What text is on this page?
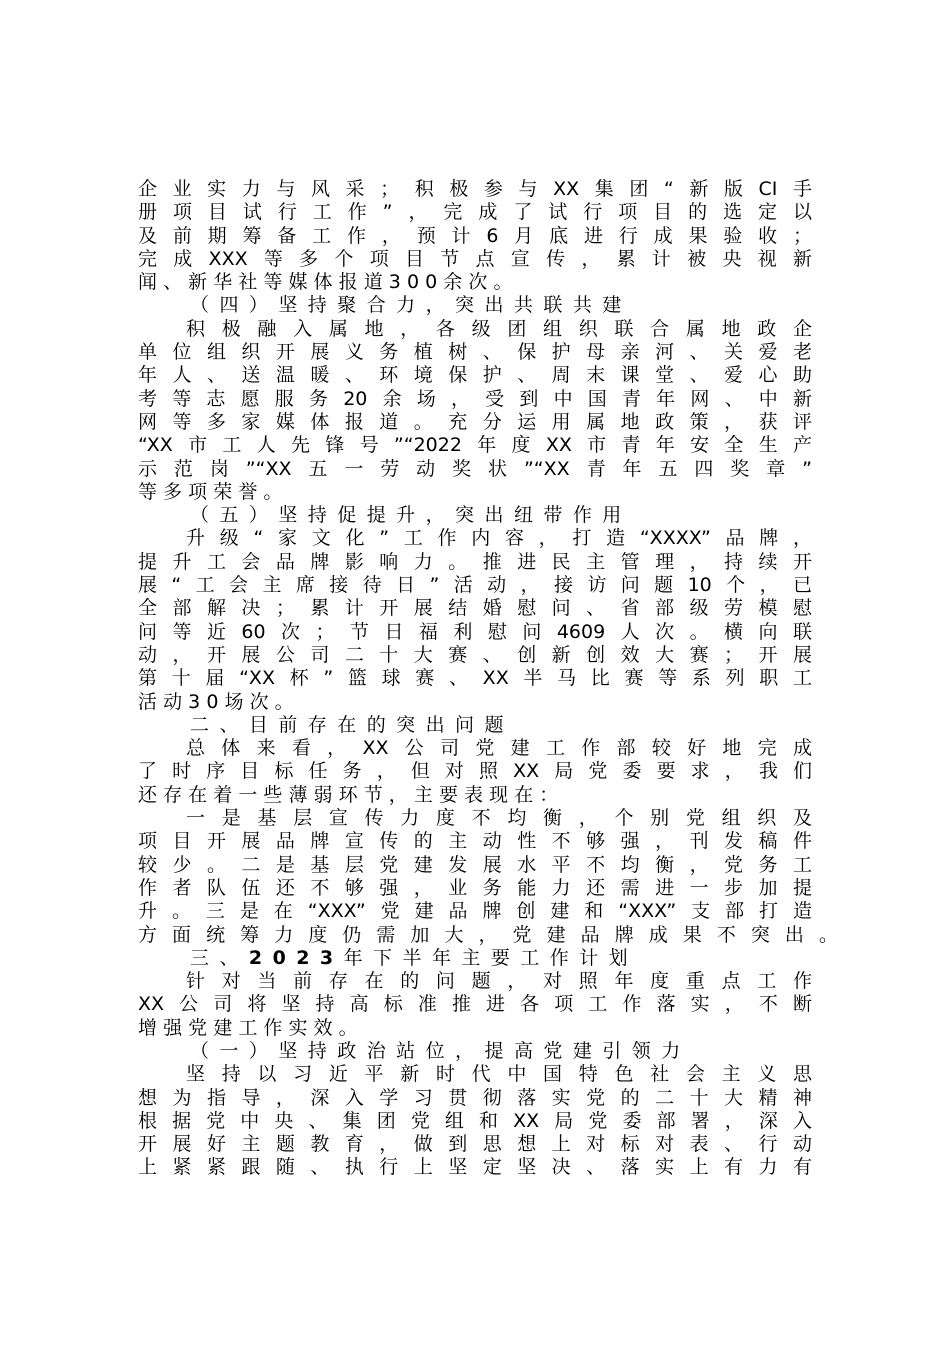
企业实力与风采；积极参与XX集团“新版CI手
册项目试行工作”，完成了试行项目的选定以
及前期筹备工作，预计6月底进行成果验收；
完成XXX等多个项目节点宣传，累计被央视新
闻、新华社等媒体报道300余次。
（四）坚持聚合力，突出共联共建
积极融入属地，各级团组织联合属地政企
单位组织开展义务植树、保护母亲河、关爱老
年人、送温暖、环境保护、周末课堂、爱心助
考等志愿服务20余场，受到中国青年网、中新
网等多家媒体报道。充分运用属地政策，获评
“XX市工人先锋号”“2022年度XX市青年安全生产
示范岗”“XX五一劳动奖状”“XX青年五四奖章”
等多项荣誉。
（五）坚持促提升，突出纽带作用
升级“家文化”工作内容，打造“XXXX”品牌，
提升工会品牌影响力。推进民主管理，持续开
展“工会主席接待日”活动，接访问题10个，已
全部解决；累计开展结婚慰问、省部级劳模慰
问等近60次；节日福利慰问4609人次。横向联
动，开展公司二十大赛、创新创效大赛；开展
第十届“XX杯”篮球赛、XX半马比赛等系列职工
活动30场次。
二、目前存在的突出问题
总体来看，XX公司党建工作部较好地完成
了时序目标任务，但对照XX局党委要求，我们
还存在着一些薄弱环节，主要表现在：
一是基层宣传力度不均衡，个别党组织及
项目开展品牌宣传的主动性不够强，刊发稿件
较少。二是基层党建发展水平不均衡，党务工
作者队伍还不够强，业务能力还需进一步加提
升。三是在“XXX”党建品牌创建和“XXX”支部打造
方面统筹力度仍需加大，党建品牌成果不突出。
三、2023年下半年主要工作计划
针对当前存在的问题，对照年度重点工作
XX公司将坚持高标准推进各项工作落实，不断
增强党建工作实效。
（一）坚持政治站位，提高党建引领力
坚持以习近平新时代中国特色社会主义思
想为指导，深入学习贯彻落实党的二十大精神
根据党中央、集团党组和XX局党委部署，深入
开展好主题教育，做到思想上对标对表、行动
上紧紧跟随、执行上坚定坚决、落实上有力有
